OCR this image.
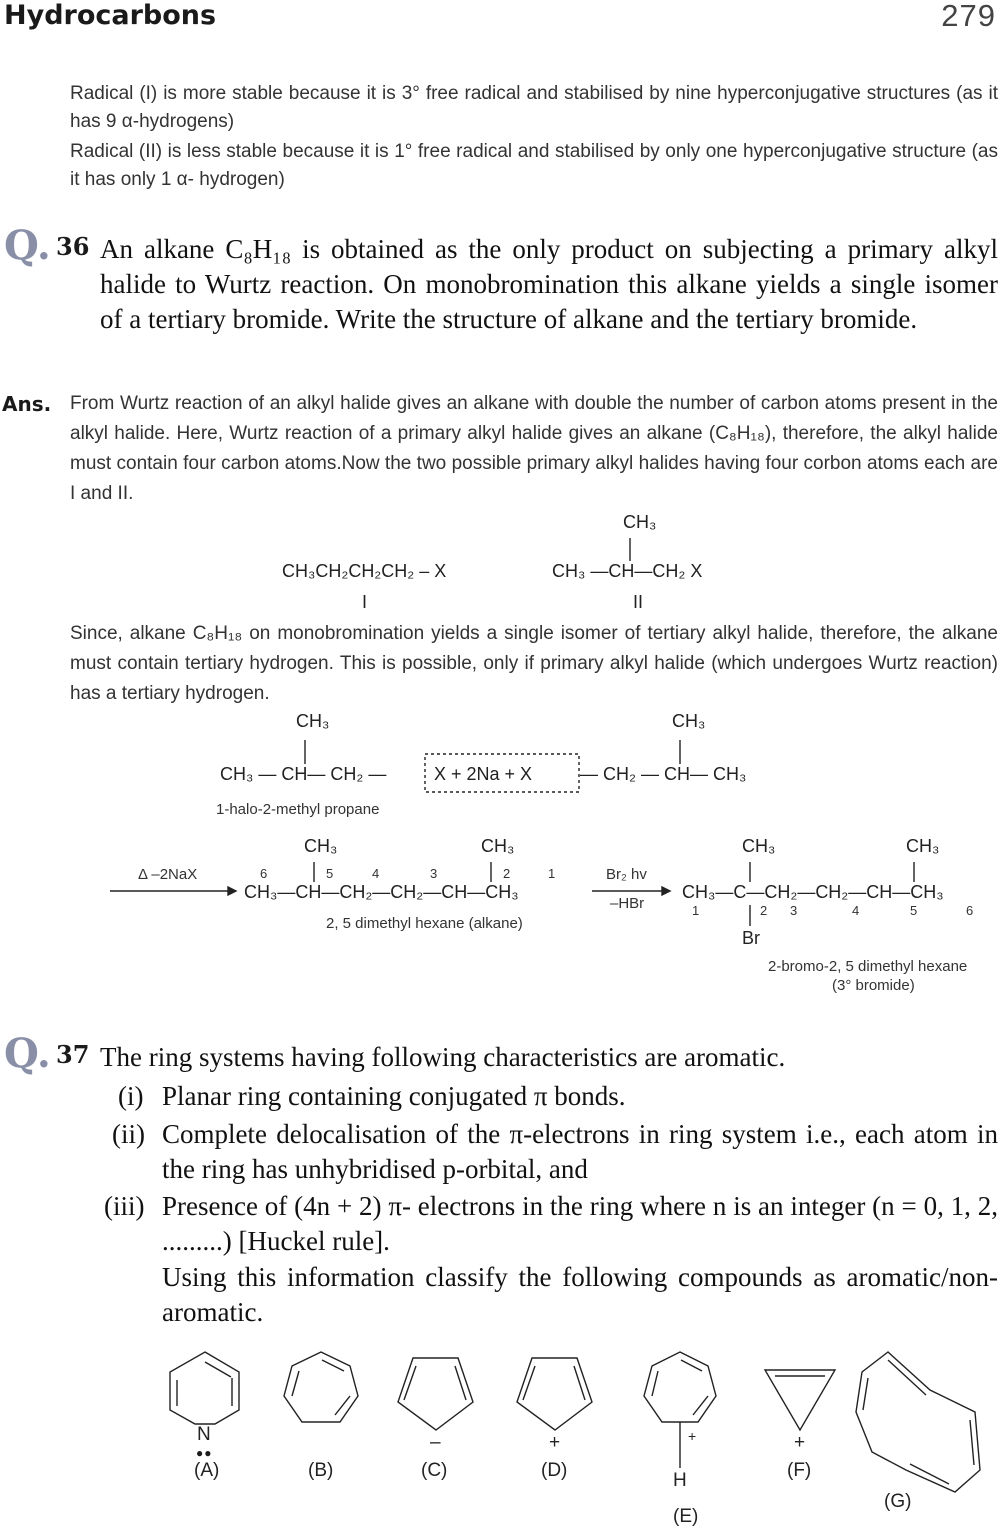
Hydrocarbons	279
Radical (I) is more stable because it is 3° free radical and stabilised by nine hyperconjugative structures (as it has 9 α-hydrogens)
Radical (II) is less stable because it is 1° free radical and stabilised by only one hyperconjugative structure (as it has only 1 α- hydrogen)
Q. 36 An alkane C₈H₁₈ is obtained as the only product on subjecting a primary alkyl halide to Wurtz reaction. On monobromination this alkane yields a single isomer of a tertiary bromide. Write the structure of alkane and the tertiary bromide.
Ans. From Wurtz reaction of an alkyl halide gives an alkane with double the number of carbon atoms present in the alkyl halide. Here, Wurtz reaction of a primary alkyl halide gives an alkane (C₈H₁₈), therefore, the alkyl halide must contain four carbon atoms.Now the two possible primary alkyl halides having four corbon atoms each are I and II.
CH₃CH₂CH₂CH₂ – X
I
CH₃
CH₃ —CH—CH₂ X
II
Since, alkane C₈H₁₈ on monobromination yields a single isomer of tertiary alkyl halide, therefore, the alkane must contain tertiary hydrogen. This is possible, only if primary alkyl halide (which undergoes Wurtz reaction) has a tertiary hydrogen.
CH₃
CH₃ — CH— CH₂ —	X + 2Na + X	— CH₂ — CH— CH₃
CH₃
1-halo-2-methyl propane
Δ –2NaX
CH₃	CH₃
CH₃—CH—CH₂—CH₂—CH—CH₃
6	5	4	3	2	1
2, 5 dimethyl hexane (alkane)
Br₂ hv
–HBr
CH₃	CH₃
CH₃—C—CH₂—CH₂—CH—CH₃
1	2 3	4	5	6
Br
2-bromo-2, 5 dimethyl hexane
(3° bromide)
Q. 37 The ring systems having following characteristics are aromatic.
(i) Planar ring containing conjugated π bonds.
(ii) Complete delocalisation of the π-electrons in ring system i.e., each atom in the ring has unhybridised p-orbital, and
(iii) Presence of (4n + 2) π- electrons in the ring where n is an integer (n = 0, 1, 2, .........) [Huckel rule].
Using this information classify the following compounds as aromatic/non-aromatic.
N
●●
(A)	(B)
–
(C)
+
(D)
+
H
(E)
+
(F)
(G)
